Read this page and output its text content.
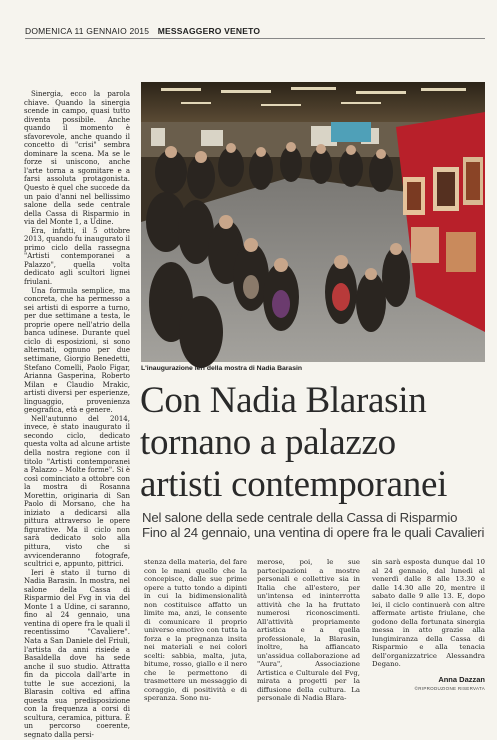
DOMENICA 11 GENNAIO 2015 MESSAGGERO VENETO

Sinergia, ecco la parola chiave. Quando la sinergia scende in campo, quasi tutto diventa possibile. Anche quando il momento è sfavorevole, anche quando il concetto di "crisi" sembra dominare la scena. Ma se le forze si uniscono, anche l'arte torna a sgomitare e a farsi assoluta protagonista. Questo è quel che succede da un paio d'anni nel bellissimo salone della sede centrale della Cassa di Risparmio in via del Monte 1, a Udine.

Era, infatti, il 5 ottobre 2013, quando fu inaugurato il primo ciclo della rassegna "Artisti contemporanei a Palazzo", quella volta dedicato agli scultori lignei friulani.

Una formula semplice, ma concreta, che ha permesso a sei artisti di esporre a turno, per due settimane a testa, le proprie opere nell'atrio della banca udinese. Durante quel ciclo di esposizioni, si sono alternati, ognuno per due settimane, Giorgio Benedetti, Stefano Comelli, Paolo Figar, Arianna Gasperina, Roberto Milan e Claudio Mrakic, artisti diversi per esperienze, linguaggio, provenienza geografica, età e genere.

Nell'autunno del 2014, invece, è stato inaugurato il secondo ciclo, dedicato questa volta ad alcune artiste della nostra regione con il titolo "Artisti contemporanei a Palazzo – Molte forme". Si è così cominciato a ottobre con la mostra di Rosanna Morettin, originaria di San Paolo di Morsano, che ha iniziato a dedicarsi alla pittura attraverso le opere figurative. Ma il ciclo non sarà dedicato solo alla pittura, visto che si avvicenderanno fotografe, scultrici e, appunto, pittrici.

Ieri è stato il turno di Nadia Barasin. In mostra, nel salone della Cassa di Risparmio del Fvg in via del Monte 1 a Udine, ci saranno, fino al 24 gennaio, una ventina di opere fra le quali il recentissimo "Cavaliere". Nata a San Daniele del Friuli, l'artista da anni risiede a Basaldella dove ha sede anche il suo studio. Attratta fin da piccola dall'arte in tutte le sue accezioni, la Blarasin coltiva ed affina questa sua predisposizione con la frequenza a corsi di scultura, ceramica, pittura. È un percorso coerente, segnato dalla persi-

L'inaugurazione ieri della mostra di Nadia Barasin
Con Nadia Blarasin
tornano a palazzo
artisti contemporanei
Nel salone della sede centrale della Cassa di Risparmio
Fino al 24 gennaio, una ventina di opere fra le quali Cavalieri

stenza della materia, del fare con le mani quello che la concepisce, dalle sue prime opere a tutto tondo a dipinti in cui la bidimensionalità non costituisce affatto un limite ma, anzi, le consente di comunicare il proprio universo emotivo con tutta la forza e la pregnanza insita nei materiali e nei colori scelti: sabbia, malta, juta, bitume, rosso, giallo e il nero che le permettono di trasmettere un messaggio di coraggio, di positività e di speranza. Sono nu-

merose, poi, le sue partecipazioni a mostre personali e collettive sia in Italia che all'estero, per un'intensa ed ininterrotta attività che la ha fruttato numerosi riconoscimenti. All'attività propriamente artistica e a quella professionale, la Blarasin, inoltre, ha affiancato un'assidua collaborazione ad "Aura", Associazione Artistica e Culturale del Fvg, mirata a progetti per la diffusione della cultura. La personale di Nadia Blara-

sin sarà esposta dunque dal 10 al 24 gennaio, dal lunedì al venerdì dalle 8 alle 13.30 e dalle 14.30 alle 20, mentre il sabato dalle 9 alle 13. E, dopo lei, il ciclo continuerà con altre affermate artiste friulane, che godono della fortunata sinergia messa in atto grazie alla lungimiranza della Cassa di Risparmio e alla tenacia dell'organizzatrice Alessandra Degano.

Anna Dazzan
©RIPRODUZIONE RISERVATA
